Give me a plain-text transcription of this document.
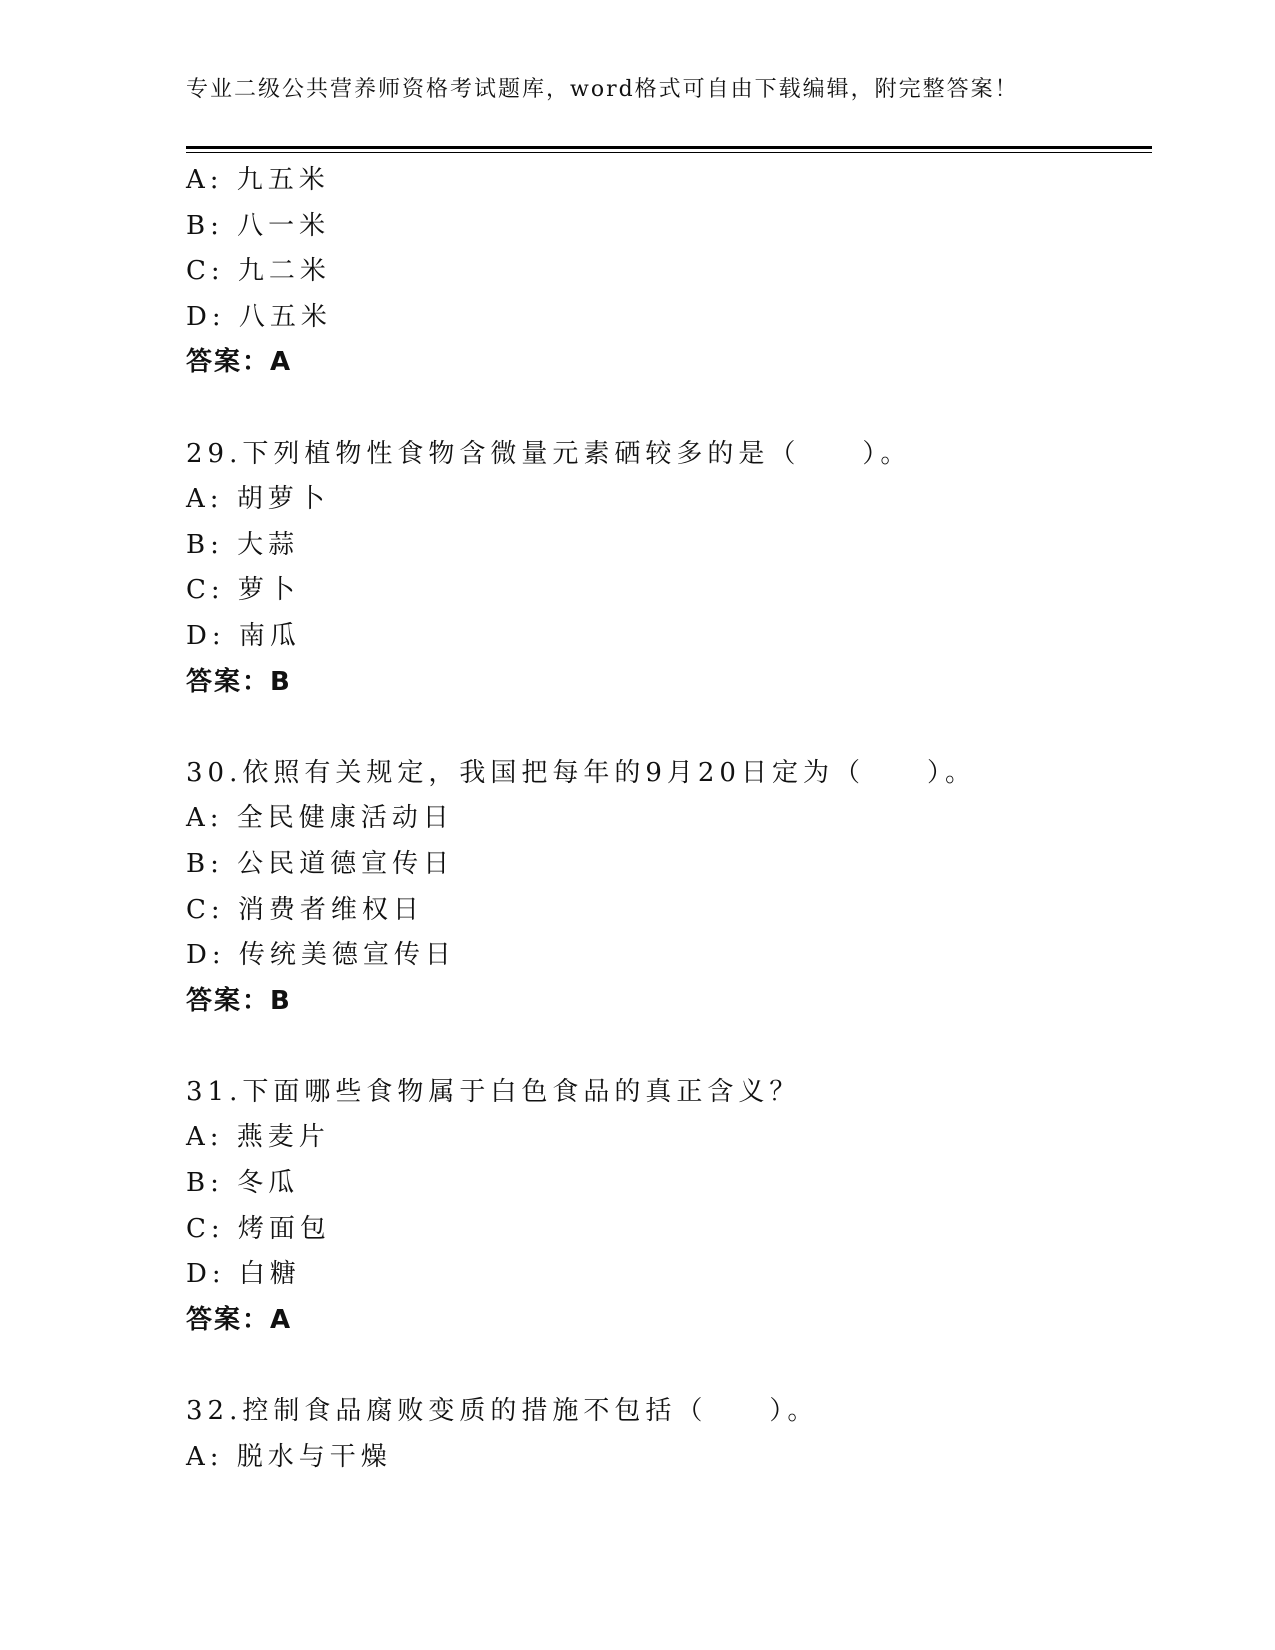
专业二级公共营养师资格考试题库，word格式可自由下载编辑，附完整答案！
A: 九五米
B: 八一米
C: 九二米
D: 八五米
答案：A
29.下列植物性食物含微量元素硒较多的是（　　）。
A: 胡萝卜
B: 大蒜
C: 萝卜
D: 南瓜
答案：B
30.依照有关规定，我国把每年的9月20日定为（　　）。
A: 全民健康活动日
B: 公民道德宣传日
C: 消费者维权日
D: 传统美德宣传日
答案：B
31.下面哪些食物属于白色食品的真正含义？
A: 燕麦片
B: 冬瓜
C: 烤面包
D: 白糖
答案：A
32.控制食品腐败变质的措施不包括（　　）。
A: 脱水与干燥
